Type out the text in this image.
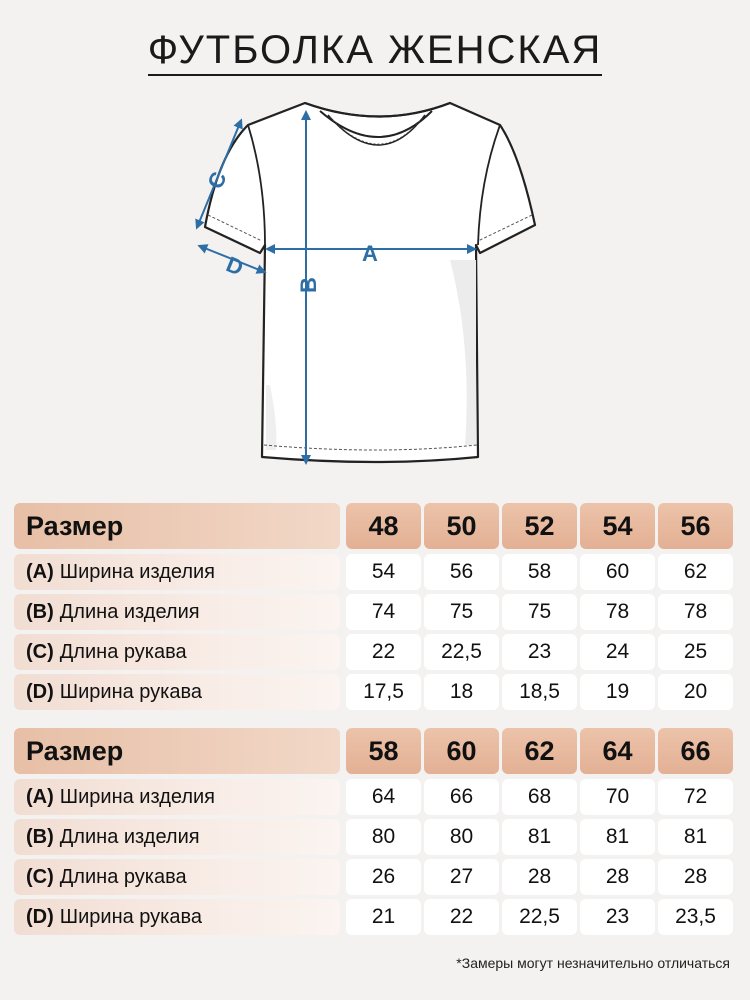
ФУТБОЛКА ЖЕНСКАЯ
A
B
C
D
Размер	48	50	52	54	56
(A) Ширина изделия	54	56	58	60	62
(B) Длина изделия	74	75	75	78	78
(C) Длина рукава	22	22,5	23	24	25
(D) Ширина рукава	17,5	18	18,5	19	20
Размер	58	60	62	64	66
(A) Ширина изделия	64	66	68	70	72
(B) Длина изделия	80	80	81	81	81
(C) Длина рукава	26	27	28	28	28
(D) Ширина рукава	21	22	22,5	23	23,5
*Замеры могут незначительно отличаться
